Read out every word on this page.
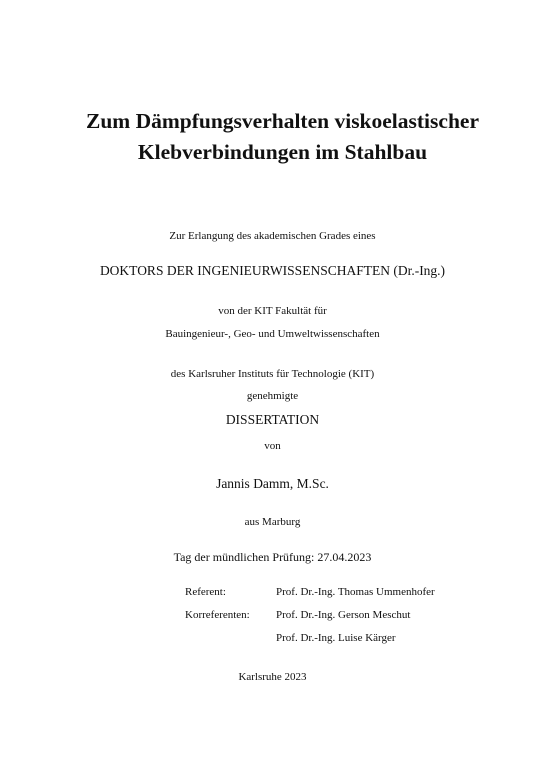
Zum Dämpfungsverhalten viskoelastischer Klebverbindungen im Stahlbau
Zur Erlangung des akademischen Grades eines
DOKTORS DER INGENIEURWISSENSCHAFTEN (Dr.-Ing.)
von der KIT Fakultät für
Bauingenieur-, Geo- und Umweltwissenschaften
des Karlsruher Instituts für Technologie (KIT)
genehmigte
DISSERTATION
von
Jannis Damm, M.Sc.
aus Marburg
Tag der mündlichen Prüfung: 27.04.2023
Referent:	Prof. Dr.-Ing. Thomas Ummenhofer
Korreferenten: Prof. Dr.-Ing. Gerson Meschut
Prof. Dr.-Ing. Luise Kärger
Karlsruhe 2023
